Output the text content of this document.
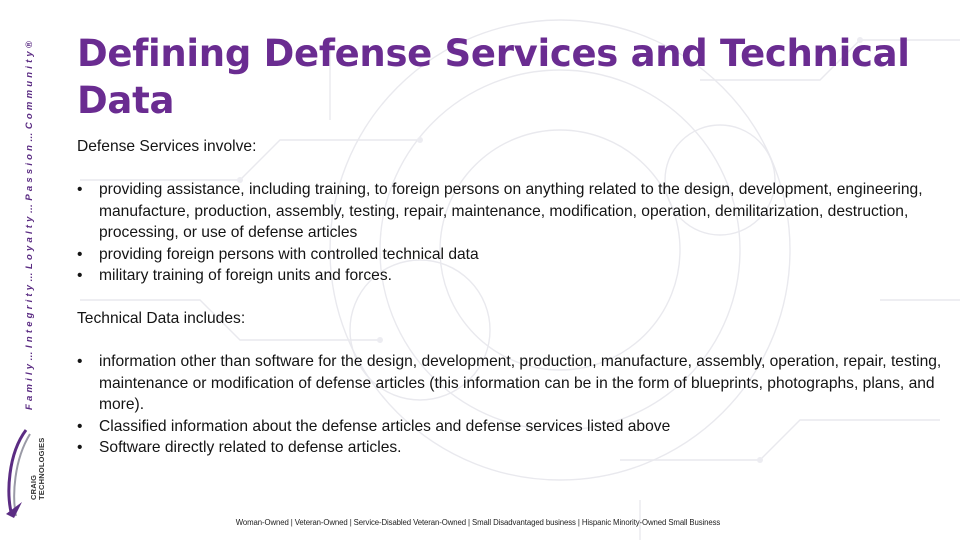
Family…Integrity…Loyalty…Passion…Community®
CRAIG TECHNOLOGIES
Defining Defense Services and Technical Data

Defense Services involve:

•	providing assistance, including training, to foreign persons on anything related to the design, development, engineering, manufacture, production, assembly, testing, repair, maintenance, modification, operation, demilitarization, destruction, processing, or use of defense articles
•	providing foreign persons with controlled technical data
•	military training of foreign units and forces.

Technical Data includes:

•	information other than software for the design, development, production, manufacture, assembly, operation, repair, testing, maintenance or modification of defense articles (this information can be in the form of blueprints, photographs, plans, and more).
•	Classified information about the defense articles and defense services listed above
•	Software directly related to defense articles.
Woman-Owned | Veteran-Owned | Service-Disabled Veteran-Owned | Small Disadvantaged business | Hispanic Minority-Owned Small Business
